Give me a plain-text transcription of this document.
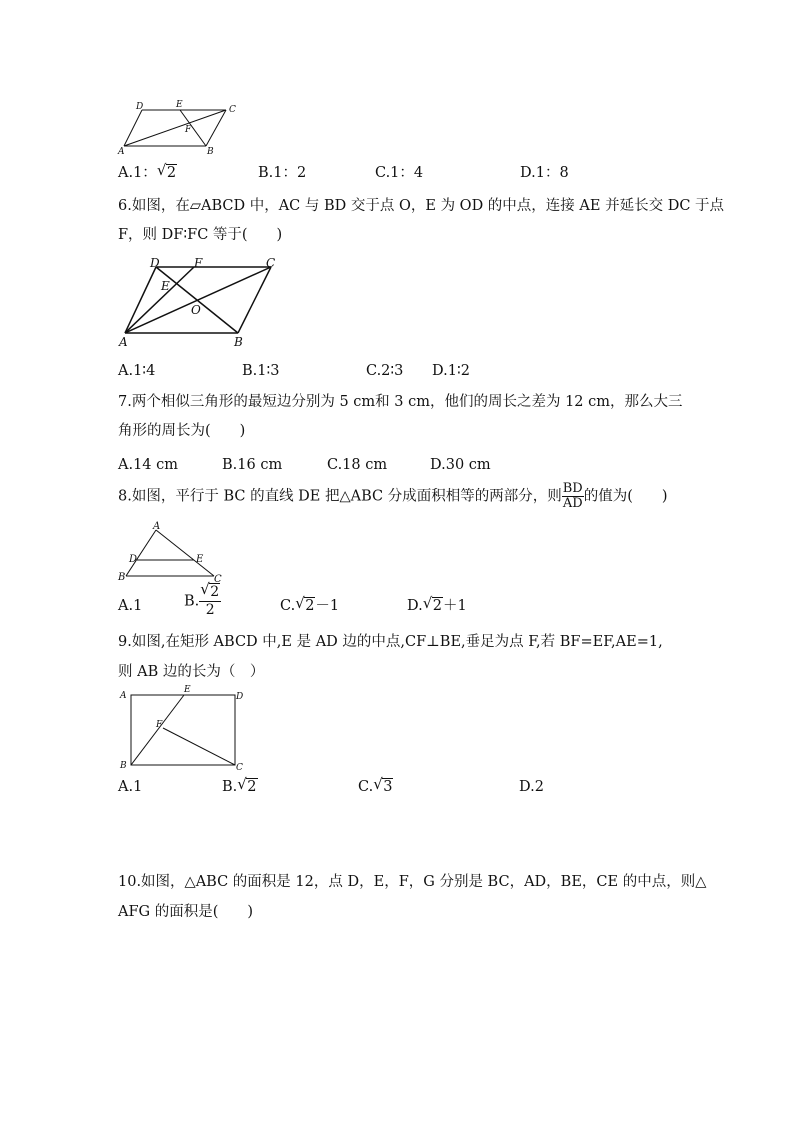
D	E	C
F
A	B
A.1： √ 2	B.1：2	C.1：4	D.1：8
6.如图，在▱ABCD 中，AC 与 BD 交于点 O，E 为 OD 的中点，连接 AE 并延长交 DC 于点
F，则 DF∶FC 等于(　　)
D	F	C
E
O
A	B
A.1∶4	B.1∶3	C.2∶3 D.1∶2
7.两个相似三角形的最短边分别为 5 cm和 3 cm，他们的周长之差为 12 cm，那么大三
角形的周长为(　　)
A.14 cm	B.16 cm	C.18 cm	D.30 cm
8.如图，平行于 BC 的直线 DE 把△ABC 分成面积相等的两部分，则 $\frac{BD}{AD}$ 的值为(　　)
A
D	E
B	C
A.1	B. $\frac{√ 2}{2}$	C. √ 2－1	D. √ 2＋1
9.如图,在矩形 ABCD 中,E 是 AD 边的中点,CF⊥BE,垂足为点 F,若 BF=EF,AE=1,
则 AB 边的长为（　）
A
E
D
F
B	C
A.1	B. √ 2	C. √ 3	D.2
10.如图，△ABC 的面积是 12，点 D，E，F，G 分别是 BC，AD，BE，CE 的中点，则△
AFG 的面积是(　　)
